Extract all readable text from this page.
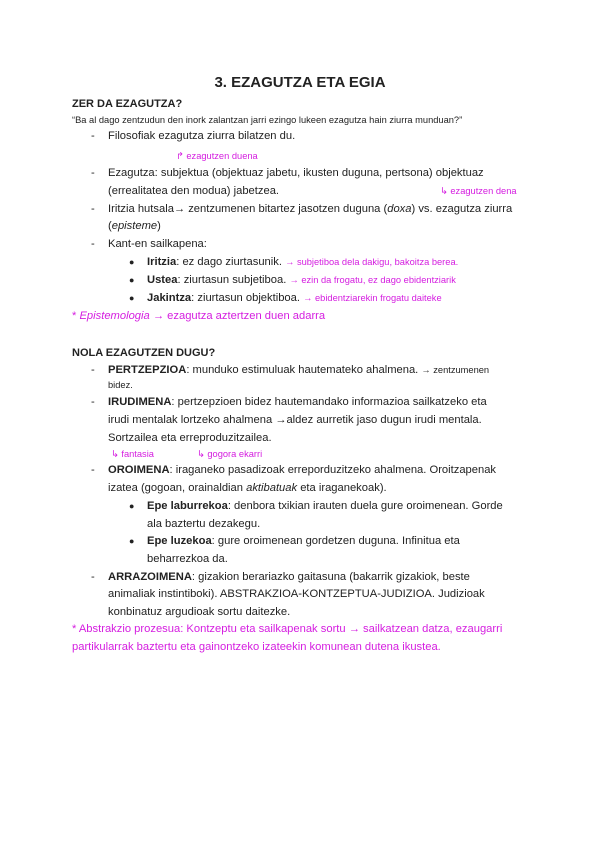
3. EZAGUTZA ETA EGIA
ZER DA EZAGUTZA?
“Ba al dago zentzudun den inork zalantzan jarri ezingo lukeen ezagutza hain ziurra munduan?”
- Filosofiak ezagutza ziurra bilatzen du.
↱ ezagutzen duena
- Ezagutza: subjektua (objektuaz jabetu, ikusten duguna, pertsona) objektuaz
(errealitatea den modua) jabetzea.	↳ ezagutzen dena
- Iritzia hutsala→ zentzumenen bitartez jasotzen duguna (doxa) vs. ezagutza ziurra
(episteme)
- Kant-en sailkapena:
● Iritzia: ez dago ziurtasunik. → subjetiboa dela dakigu, bakoitza berea.
● Ustea: ziurtasun subjetiboa. → ezin da frogatu, ez dago ebidentziarik
● Jakintza: ziurtasun objektiboa. → ebidentziarekin frogatu daiteke
* Epistemologia → ezagutza aztertzen duen adarra
NOLA EZAGUTZEN DUGU?
- PERTZEPZIOA: munduko estimuluak hautemateko ahalmena. → zentzumenen
bidez.
- IRUDIMENA: pertzepzioen bidez hautemandako informazioa sailkatzeko eta
irudi mentalak lortzeko ahalmena →aldez aurretik jaso dugun irudi mentala.
Sortzailea eta erreproduzitzailea.
↳ fantasia	↳ gogora ekarri
- OROIMENA: iraganeko pasadizoak erreporduzitzeko ahalmena. Oroitzapenak
izatea (gogoan, orainaldian aktibatuak eta iraganekoak).
● Epe laburrekoa: denbora txikian irauten duela gure oroimenean. Gorde
ala baztertu dezakegu.
● Epe luzekoa: gure oroimenean gordetzen duguna. Infinitua eta
beharrezkoa da.
- ARRAZOIMENA: gizakion berariazko gaitasuna (bakarrik gizakiok, beste
animaliak instintiboki). ABSTRAKZIOA-KONTZEPTUA-JUDIZIOA. Judizioak
konbinatuz argudioak sortu daitezke.
* Abstrakzio prozesua: Kontzeptu eta sailkapenak sortu → sailkatzean datza, ezaugarri
partikularrak baztertu eta gainontzeko izateekin komunean dutena ikustea.
